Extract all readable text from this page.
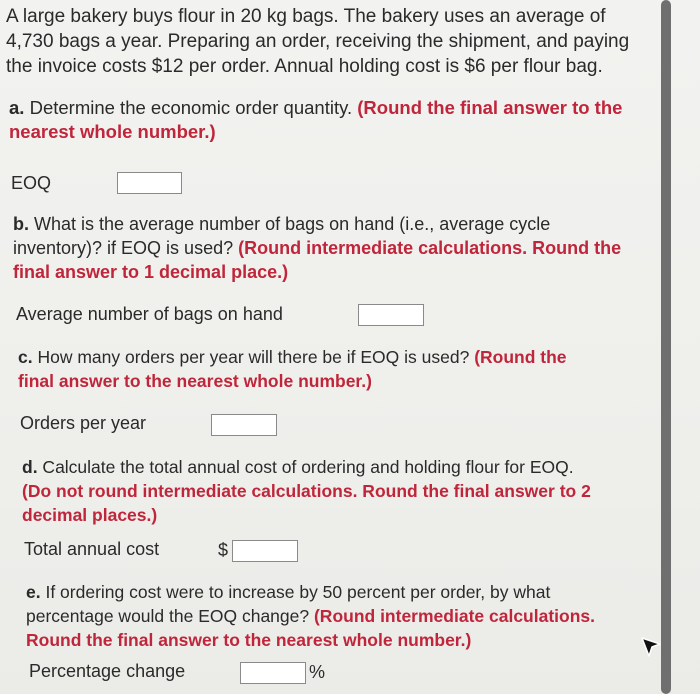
A large bakery buys flour in 20 kg bags. The bakery uses an average of
4,730 bags a year. Preparing an order, receiving the shipment, and paying
the invoice costs $12 per order. Annual holding cost is $6 per flour bag.
a. Determine the economic order quantity. (Round the final answer to the
nearest whole number.)
EOQ
b. What is the average number of bags on hand (i.e., average cycle
inventory)? if EOQ is used? (Round intermediate calculations. Round the
final answer to 1 decimal place.)
Average number of bags on hand
c. How many orders per year will there be if EOQ is used? (Round the
final answer to the nearest whole number.)
Orders per year
d. Calculate the total annual cost of ordering and holding flour for EOQ.
(Do not round intermediate calculations. Round the final answer to 2
decimal places.)
Total annual cost	$
e. If ordering cost were to increase by 50 percent per order, by what
percentage would the EOQ change? (Round intermediate calculations.
Round the final answer to the nearest whole number.)
Percentage change	%
